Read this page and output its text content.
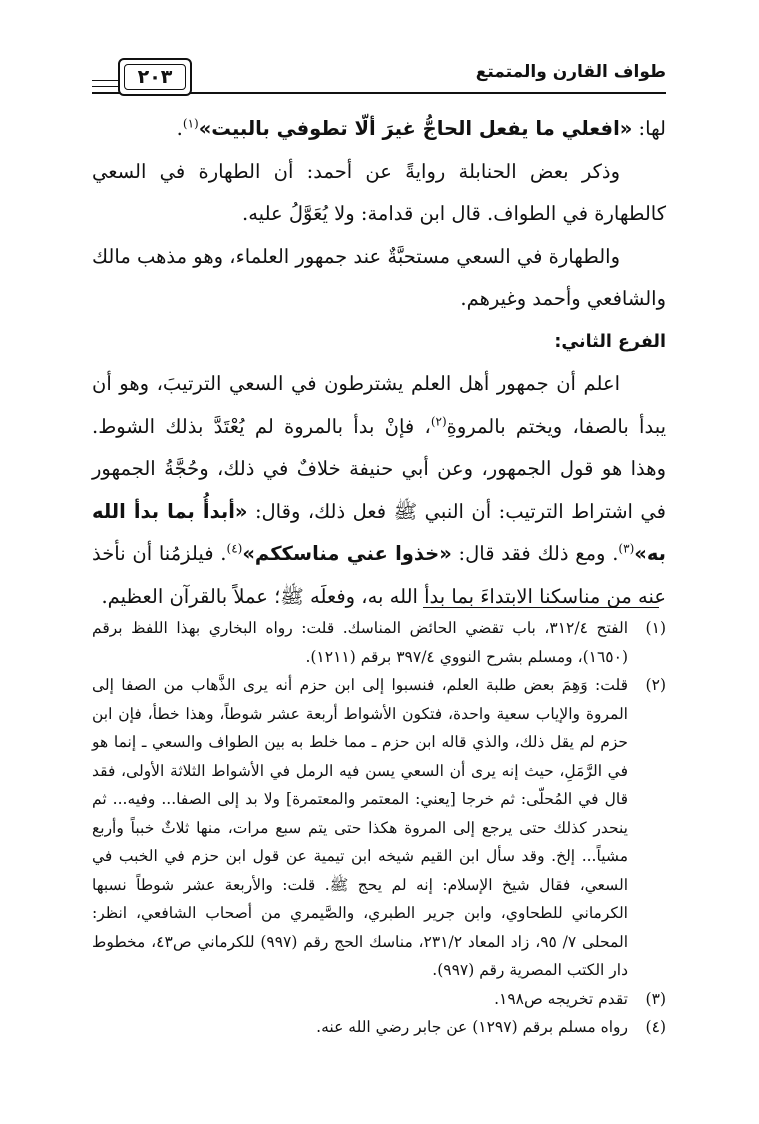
٢٠٣	طواف القارن والمتمتع

لها: «افعلي ما يفعل الحاجُّ غيرَ ألّا تطوفي بالبيت»$^{(١)}$.

وذكر بعض الحنابلة روايةً عن أحمد: أن الطهارة في السعي كالطهارة في الطواف. قال ابن قدامة: ولا يُعَوَّلُ عليه.

والطهارة في السعي مستحبَّةٌ عند جمهور العلماء، وهو مذهب مالك والشافعي وأحمد وغيرهم.

الفرع الثاني:

اعلم أن جمهور أهل العلم يشترطون في السعي الترتيبَ، وهو أن يبدأ بالصفا، ويختم بالمروةِ$^{(٢)}$، فإنْ بدأ بالمروة لم يُعْتَدَّ بذلك الشوط. وهذا هو قول الجمهور، وعن أبي حنيفة خلافٌ في ذلك، وحُجَّةُ الجمهور في اشتراط الترتيب: أن النبي ﷺ فعل ذلك، وقال: «أبدأُ بما بدأ الله به»$^{(٣)}$. ومع ذلك فقد قال: «خذوا عني مناسككم»$^{(٤)}$. فيلزمُنا أن نأخذ عنه من مناسكنا الابتداءَ بما بدأ الله به، وفعلَه ﷺ؛ عملاً بالقرآن العظيم.

(١)
الفتح ٣١٢/٤، باب تقضي الحائض المناسك. قلت: رواه البخاري بهذا اللفظ برقم (١٦٥٠)، ومسلم بشرح النووي ٣٩٧/٤ برقم (١٢١١).
(٢)
قلت: وَهِمَ بعض طلبة العلم، فنسبوا إلى ابن حزم أنه يرى الذَّهاب من الصفا إلى المروة والإياب سعية واحدة، فتكون الأشواط أربعة عشر شوطاً، وهذا خطأ، فإن ابن حزم لم يقل ذلك، والذي قاله ابن حزم ـ مما خلط به بين الطواف والسعي ـ إنما هو في الرَّمَلِ، حيث إنه يرى أن السعي يسن فيه الرمل في الأشواط الثلاثة الأولى، فقد قال في المُحلّى: ثم خرجا [يعني: المعتمر والمعتمرة] ولا بد إلى الصفا... وفيه... ثم ينحدر كذلك حتى يرجع إلى المروة هكذا حتى يتم سبع مرات، منها ثلاثٌ خبباً وأربع مشياً... إلخ. وقد سأل ابن القيم شيخه ابن تيمية عن قول ابن حزم في الخبب في السعي، فقال شيخ الإسلام: إنه لم يحج ﷺ. قلت: والأربعة عشر شوطاً نسبها الكرماني للطحاوي، وابن جرير الطبري، والصَّيمري من أصحاب الشافعي، انظر: المحلى ٧/ ٩٥، زاد المعاد ٢٣١/٢، مناسك الحج رقم (٩٩٧) للكرماني ص٤٣، مخطوط دار الكتب المصرية رقم (٩٩٧).
(٣)
تقدم تخريجه ص١٩٨.
(٤)
رواه مسلم برقم (١٢٩٧) عن جابر رضي الله عنه.
